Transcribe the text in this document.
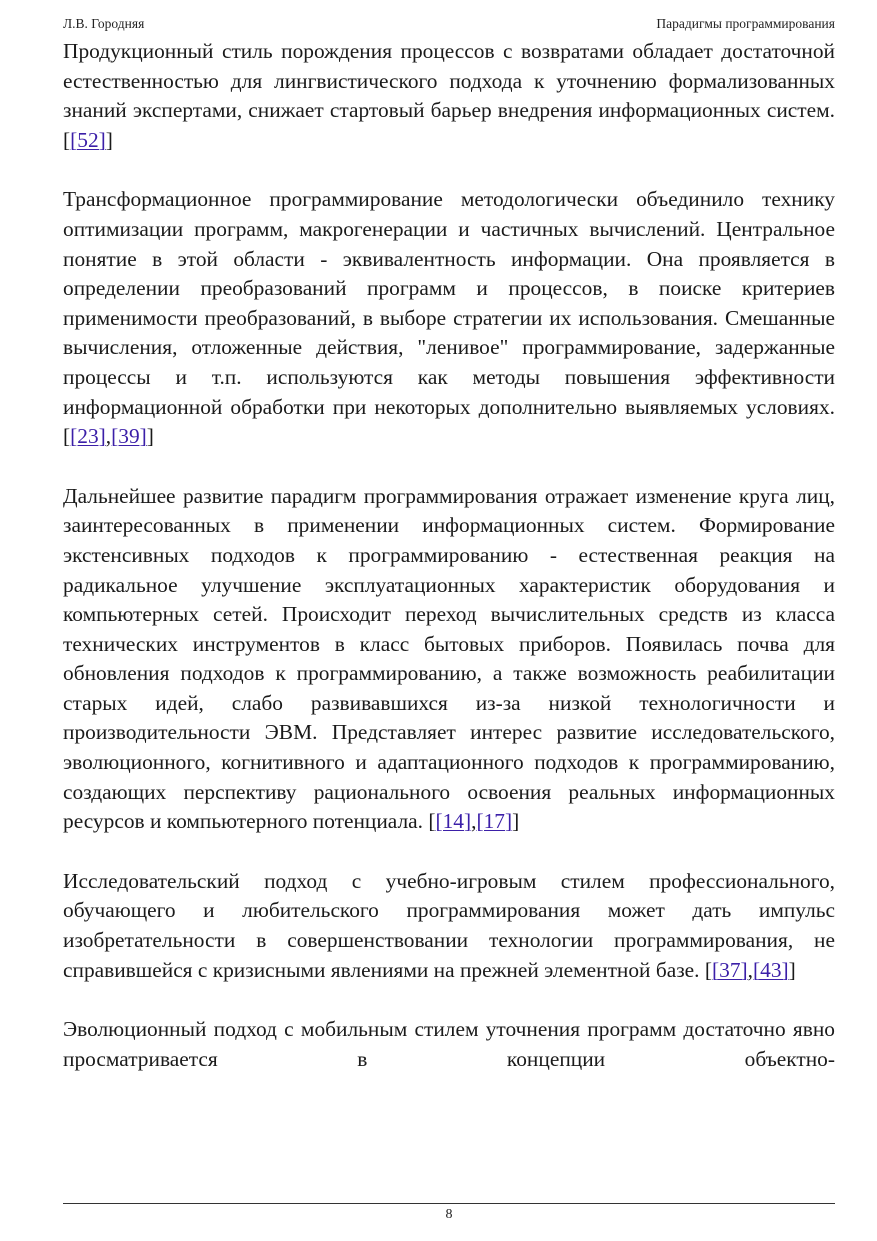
Л.В. Городняя	Парадигмы программирования

Продукционный стиль порождения процессов с возвратами обладает достаточной естественностью для лингвистического подхода к уточнению формализованных знаний экспертами, снижает стартовый барьер внедрения информационных систем. [[52]]

Трансформационное программирование методологически объединило технику оптимизации программ, макрогенерации и частичных вычислений. Центральное понятие в этой области - эквивалентность информации. Она проявляется в определении преобразований программ и процессов, в поиске критериев применимости преобразований, в выборе стратегии их использования. Смешанные вычисления, отложенные действия, "ленивое" программирование, задержанные процессы и т.п. используются как методы повышения эффективности информационной обработки при некоторых дополнительно выявляемых условиях. [[23],[39]]

Дальнейшее развитие парадигм программирования отражает изменение круга лиц, заинтересованных в применении информационных систем. Формирование экстенсивных подходов к программированию - естественная реакция на радикальное улучшение эксплуатационных характеристик оборудования и компьютерных сетей. Происходит переход вычислительных средств из класса технических инструментов в класс бытовых приборов. Появилась почва для обновления подходов к программированию, а также возможность реабилитации старых идей, слабо развивавшихся из-за низкой технологичности и производительности ЭВМ. Представляет интерес развитие исследовательского, эволюционного, когнитивного и адаптационного подходов к программированию, создающих перспективу рационального освоения реальных информационных ресурсов и компьютерного потенциала. [[14],[17]]

Исследовательский подход с учебно-игровым стилем профессионального, обучающего и любительского программирования может дать импульс изобретательности в совершенствовании технологии программирования, не справившейся с кризисными явлениями на прежней элементной базе. [[37],[43]]

Эволюционный подход с мобильным стилем уточнения программ достаточно явно просматривается в концепции объектно-

8
